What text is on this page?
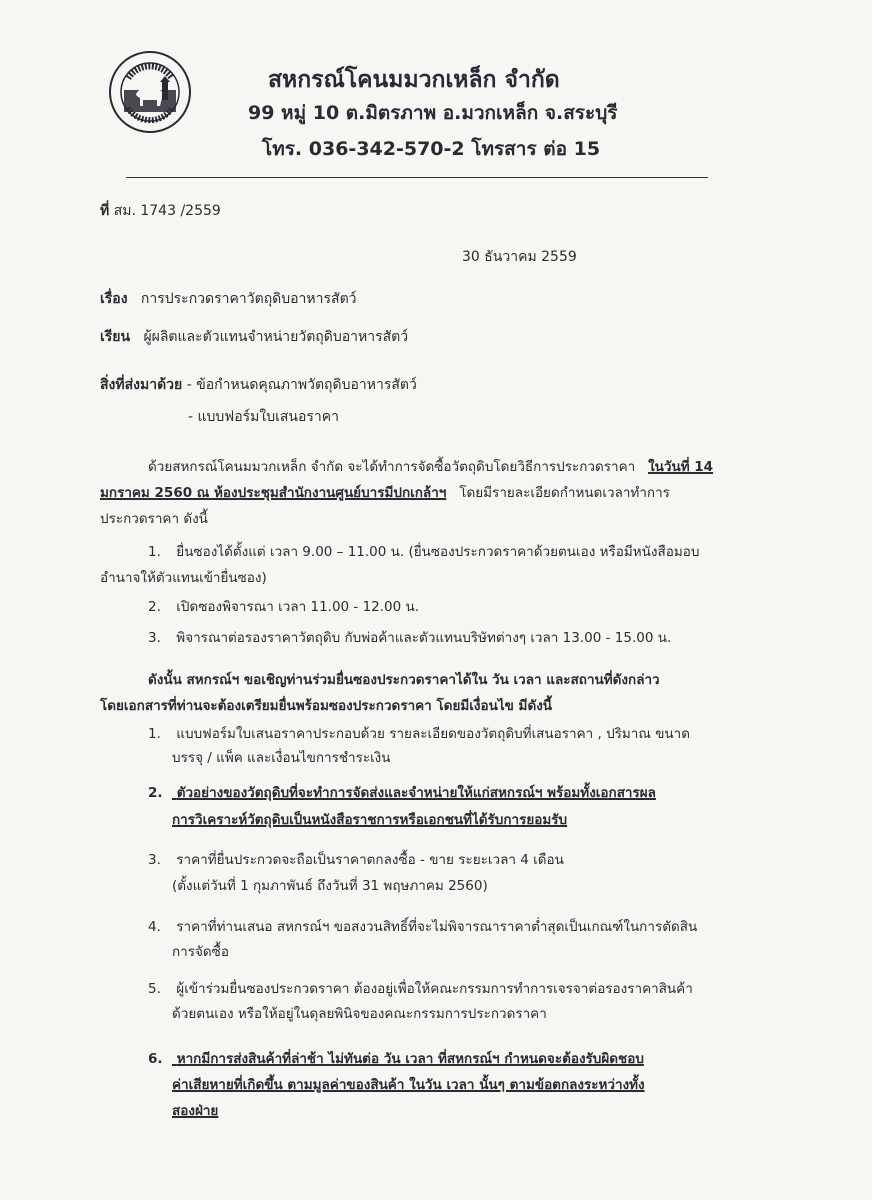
สหกรณ์โคนมมวกเหล็ก จำกัด
99 หมู่ 10 ต.มิตรภาพ อ.มวกเหล็ก จ.สระบุรี
โทร. 036-342-570-2 โทรสาร ต่อ 15
ที่ สม. 1743 /2559
30 ธันวาคม 2559
เรื่อง การประกวดราคาวัตถุดิบอาหารสัตว์
เรียน ผู้ผลิตและตัวแทนจำหน่ายวัตถุดิบอาหารสัตว์
สิ่งที่ส่งมาด้วย - ข้อกำหนดคุณภาพวัตถุดิบอาหารสัตว์
- แบบฟอร์มใบเสนอราคา
ด้วยสหกรณ์โคนมมวกเหล็ก จำกัด จะได้ทำการจัดซื้อวัตถุดิบโดยวิธีการประกวดราคา ในวันที่ 14
มกราคม 2560 ณ ห้องประชุมสำนักงานศูนย์บารมีปกเกล้าฯ โดยมีรายละเอียดกำหนดเวลาทำการ
ประกวดราคา ดังนี้
1. ยื่นซองได้ตั้งแต่ เวลา 9.00 – 11.00 น. (ยื่นซองประกวดราคาด้วยตนเอง หรือมีหนังสือมอบ
อำนาจให้ตัวแทนเข้ายื่นซอง)
2. เปิดซองพิจารณา เวลา 11.00 - 12.00 น.
3. พิจารณาต่อรองราคาวัตถุดิบ กับพ่อค้าและตัวแทนบริษัทต่างๆ เวลา 13.00 - 15.00 น.
ดังนั้น สหกรณ์ฯ ขอเชิญท่านร่วมยื่นซองประกวดราคาได้ใน วัน เวลา และสถานที่ดังกล่าว
โดยเอกสารที่ท่านจะต้องเตรียมยื่นพร้อมซองประกวดราคา โดยมีเงื่อนไข มีดังนี้
1. แบบฟอร์มใบเสนอราคาประกอบด้วย รายละเอียดของวัตถุดิบที่เสนอราคา , ปริมาณ ขนาด
บรรจุ / แพ็ค และเงื่อนไขการชำระเงิน
2. ตัวอย่างของวัตถุดิบที่จะทำการจัดส่งและจำหน่ายให้แก่สหกรณ์ฯ พร้อมทั้งเอกสารผล
การวิเคราะห์วัตถุดิบเป็นหนังสือราชการหรือเอกชนที่ได้รับการยอมรับ
3. ราคาที่ยื่นประกวดจะถือเป็นราคาตกลงซื้อ - ขาย ระยะเวลา 4 เดือน
(ตั้งแต่วันที่ 1 กุมภาพันธ์ ถึงวันที่ 31 พฤษภาคม 2560)
4. ราคาที่ท่านเสนอ สหกรณ์ฯ ขอสงวนสิทธิ์ที่จะไม่พิจารณาราคาต่ำสุดเป็นเกณฑ์ในการตัดสิน
การจัดซื้อ
5. ผู้เข้าร่วมยื่นซองประกวดราคา ต้องอยู่เพื่อให้คณะกรรมการทำการเจรจาต่อรองราคาสินค้า
ด้วยตนเอง หรือให้อยู่ในดุลยพินิจของคณะกรรมการประกวดราคา
6. หากมีการส่งสินค้าที่ล่าช้า ไม่ทันต่อ วัน เวลา ที่สหกรณ์ฯ กำหนดจะต้องรับผิดชอบ
ค่าเสียหายที่เกิดขึ้น ตามมูลค่าของสินค้า ในวัน เวลา นั้นๆ ตามข้อตกลงระหว่างทั้ง
สองฝ่าย
